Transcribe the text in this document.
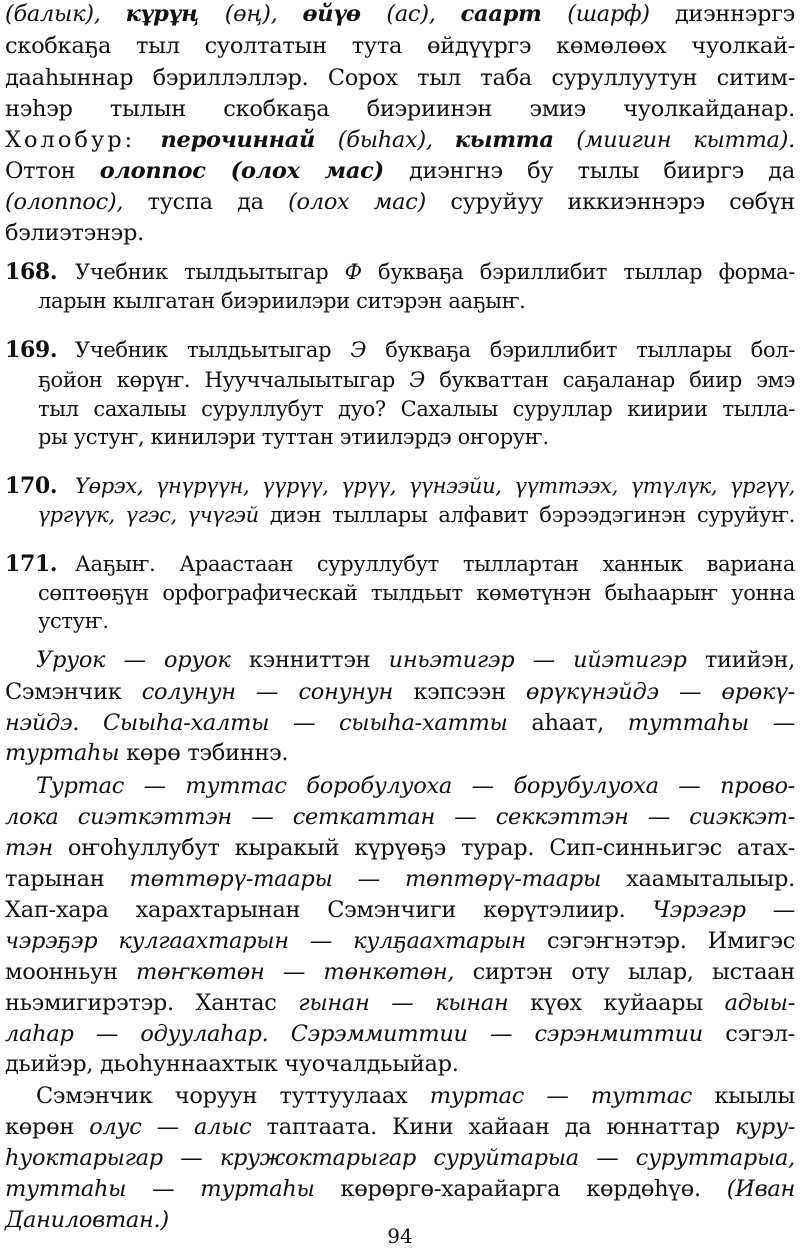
(балык), кұрұң (өң), өйүө (ас), саарт (шарф) диэннэргэ
скобкаҕа тыл суолтатын тута өйдүүргэ көмөлөөх чуолкай-
дааһыннар бэриллэллэр. Сорох тыл таба суруллуутун ситим-
нэһэр тылын скобкаҕа биэриинэн эмиэ чуолкайданар.
Холобур: перочиннай (быһах), кытта (миигин кытта).
Оттон олоппос (олох мас) диэнгнэ бу тылы бииргэ да
(олоппос), туспа да (олох мас) суруйуу иккиэннэрэ сөбүн
бэлиэтэнэр.
168. Учебник тылдьытыгар Ф букваҕа бэриллибит тыллар форма-
ларын кылгатан биэриилэри ситэрэн ааҕыҥ.
169. Учебник тылдьытыгар Э букваҕа бэриллибит тыллары бол-
ҕойон көрүҥ. Нууччалыытыгар Э букваттан саҕаланар биир эмэ
тыл сахалыы суруллубут дуо? Сахалыы суруллар киирии тылла-
ры устуҥ, кинилэри туттан этиилэрдэ оҥоруҥ.
170. Үөрэх, үнүрүүн, үүрүү, үрүү, үүнээйи, үүттээх, үтүлүк, үргүү,
үргүүк, үгэс, үчүгэй диэн тыллары алфавит бэрээдэгинэн суруйуҥ.
171. Ааҕыҥ. Араастаан суруллубут тыллартан ханнык вариана
сөптөөҕүн орфографическай тылдьыт көмөтүнэн быһаарыҥ уонна
устуҥ.
Уруок — оруок кэнниттэн иньэтигэр — ийэтигэр тиийэн,
Сэмэнчик солунун — сонунун кэпсээн өрүкүнэйдэ — өрөкү-
нэйдэ. Сыыһа-халты — сыыһа-хатты аһаат, туттаһы —
туртаһы көрө тэбиннэ.
Туртас — туттас боробулуоха — борубулуоха — прово-
лока сиэткэттэн — сеткаттан — секкэттэн — сиэккэт-
тэн оҥоһуллубут кыракый күрүөҕэ турар. Сип-синньигэс атах-
тарынан төттөрү-таары — төптөрү-таары хаамыталыыр.
Хап-хара харахтарынан Сэмэнчиги көрүтэлиир. Чэрэгэр —
чэрэҕэр кулгаахтарын — кулҕаахтарын сэгэҥнэтэр. Имигэс
моонньун төҥкөтөн — төнкөтөн, сиртэн оту ылар, ыстаан
ньэмигирэтэр. Хантас гынан — кынан күөх куйаары адыы-
лаһар — одуулаһар. Сэрэммиттии — сэрэнмиттии сэгэл-
дьийэр, дьоһуннаахтык чуочалдьыйар.
Сэмэнчик чоруун туттуулаах туртас — туттас кыылы
көрөн олус — алыс таптаата. Кини хайаан да юннаттар куру-
һуоктарыгар — кружоктарыгар суруйтарыа — суруттарыа,
туттаһы — туртаһы көрөргө-харайарга көрдөһүө. (Иван
Даниловтан.)
94
